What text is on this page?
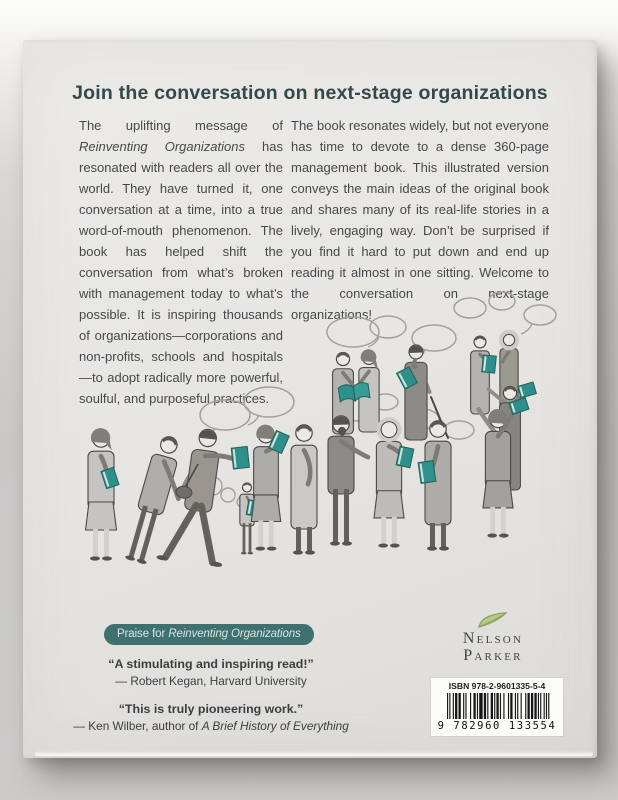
Join the conversation on next-stage organizations

The uplifting message of Reinventing Organizations has resonated with readers all over the world. They have turned it, one conversation at a time, into a true word-of-mouth phenomenon. The book has helped shift the conversation from what’s broken with management today to what’s possible. It is inspiring thousands of organizations—corporations and non-profits, schools and hospitals—to adopt radically more powerful, soulful, and purposeful practices.

The book resonates widely, but not everyone has time to devote to a dense 360-page management book. This illustrated version conveys the main ideas of the original book and shares many of its real-life stories in a lively, engaging way. Don’t be surprised if you find it hard to put down and end up reading it almost in one sitting. Welcome to the conversation on next-stage organizations!

Praise for Reinventing Organizations
“A stimulating and inspiring read!”
— Robert Kegan, Harvard University
“This is truly pioneering work.”
— Ken Wilber, author of A Brief History of Everything
Nelson
Parker
ISBN 978-2-9601335-5-4
9 782960 133554
